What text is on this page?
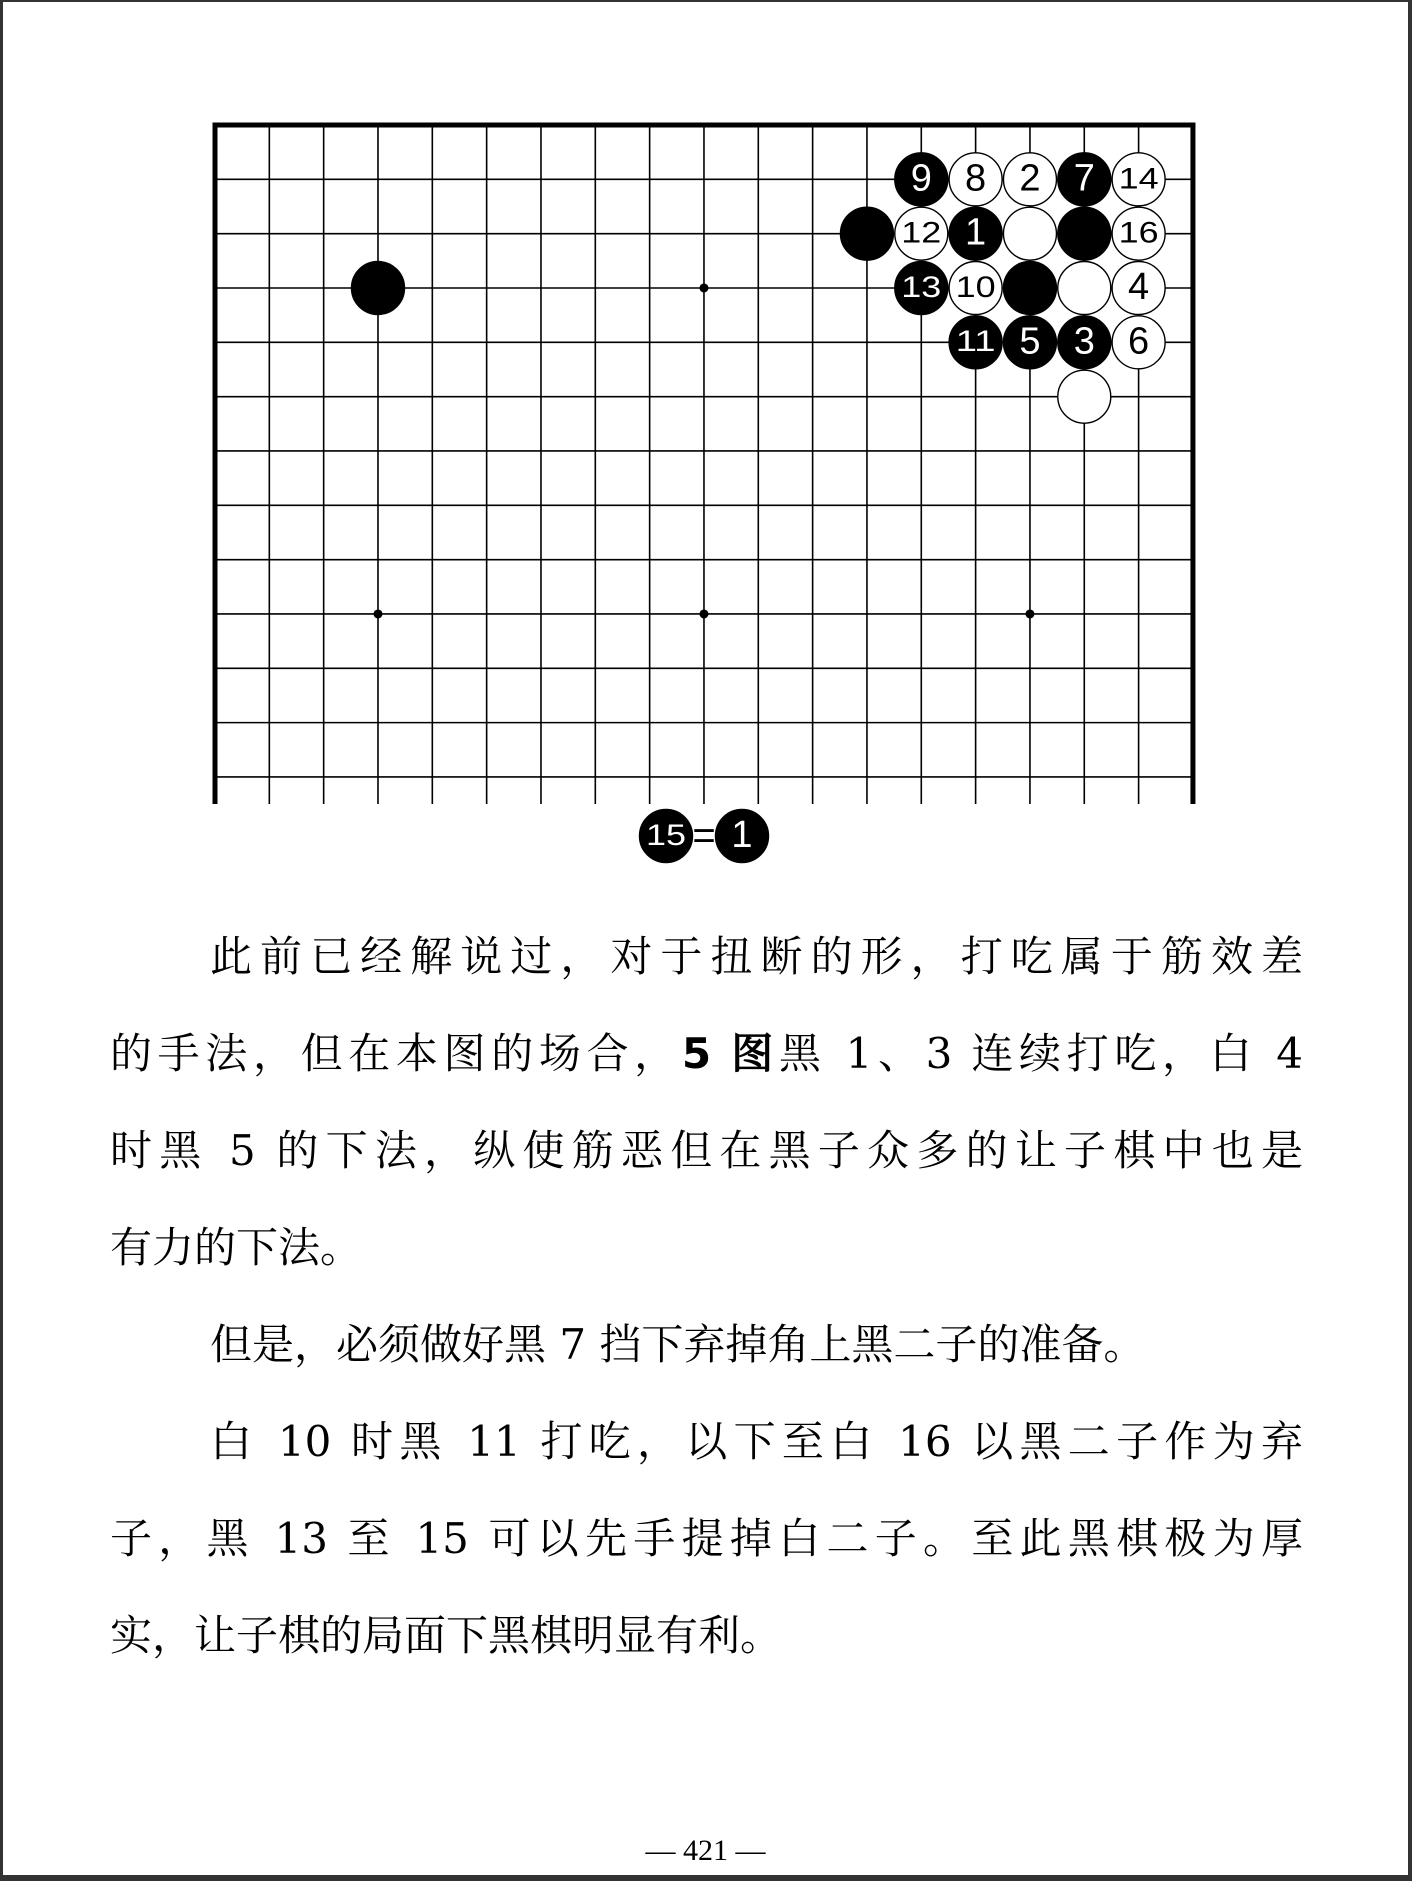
9 8 2 7 14
12 1	16
13 10	4
11 5 3 6
15 = 1
此前已经解说过，对于扭断的形，打吃属于筋效差
的手法，但在本图的场合，5 图黑 1、3 连续打吃，白 4
时黑 5 的下法，纵使筋恶但在黑子众多的让子棋中也是
有力的下法。
但是，必须做好黑 7 挡下弃掉角上黑二子的准备。
白 10 时黑 11 打吃，以下至白 16 以黑二子作为弃
子，黑 13 至 15 可以先手提掉白二子。至此黑棋极为厚
实，让子棋的局面下黑棋明显有利。
— 421 —
